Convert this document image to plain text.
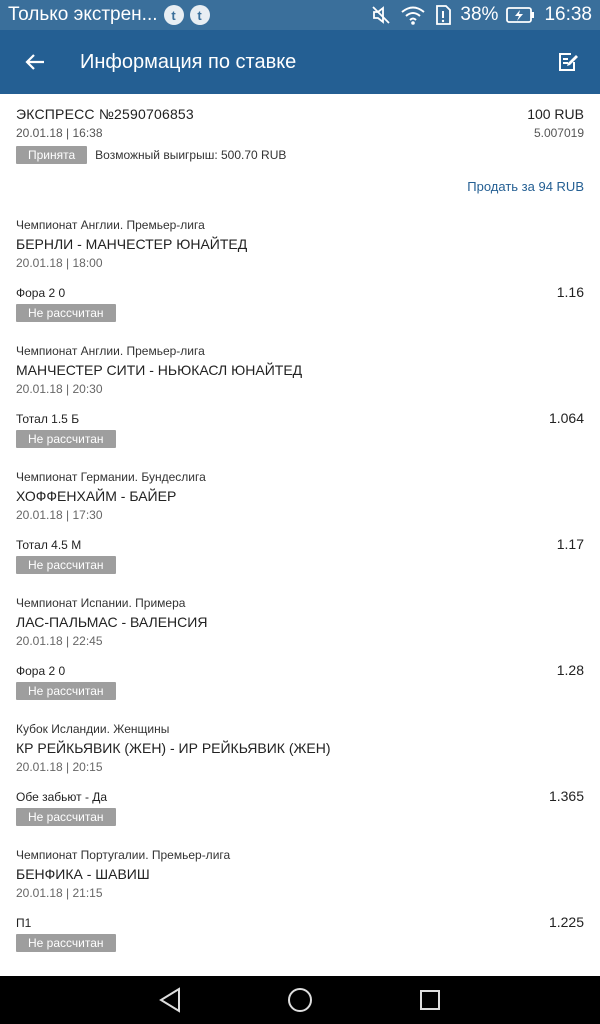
Только экстрен...	t	t	38% 16:38
Информация по ставке
ЭКСПРЕСС №2590706853	100 RUB
20.01.18 | 16:38	5.007019
Принята	Возможный выигрыш: 500.70 RUB
Продать за 94 RUB
Чемпионат Англии. Премьер-лига
БЕРНЛИ - МАНЧЕСТЕР ЮНАЙТЕД
20.01.18 | 18:00
Фора 2 0	1.16
Не рассчитан
Чемпионат Англии. Премьер-лига
МАНЧЕСТЕР СИТИ - НЬЮКАСЛ ЮНАЙТЕД
20.01.18 | 20:30
Тотал 1.5 Б	1.064
Не рассчитан
Чемпионат Германии. Бундеслига
ХОФФЕНХАЙМ - БАЙЕР
20.01.18 | 17:30
Тотал 4.5 М	1.17
Не рассчитан
Чемпионат Испании. Примера
ЛАС-ПАЛЬМАС - ВАЛЕНСИЯ
20.01.18 | 22:45
Фора 2 0	1.28
Не рассчитан
Кубок Исландии. Женщины
КР РЕЙКЬЯВИК (ЖЕН) - ИР РЕЙКЬЯВИК (ЖЕН)
20.01.18 | 20:15
Обе забьют - Да	1.365
Не рассчитан
Чемпионат Португалии. Премьер-лига
БЕНФИКА - ШАВИШ
20.01.18 | 21:15
П1	1.225
Не рассчитан
